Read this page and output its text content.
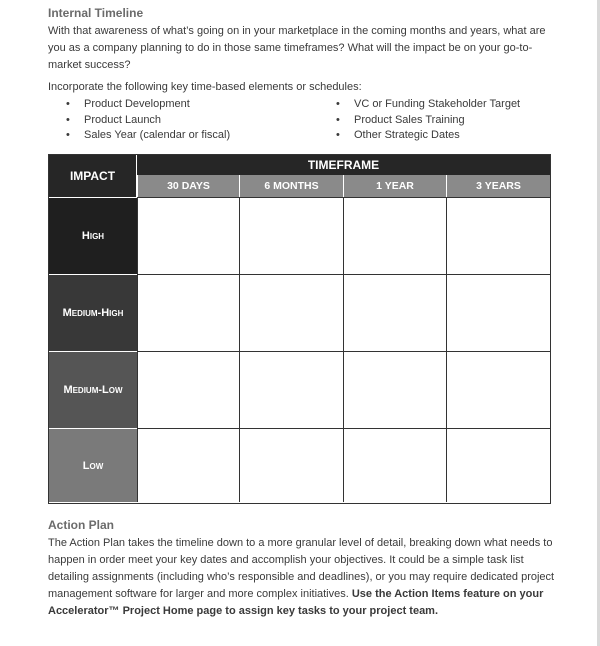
Internal Timeline
With that awareness of what’s going on in your marketplace in the coming months and years, what are you as a company planning to do in those same timeframes? What will the impact be on your go-to-market success?
Incorporate the following key time-based elements or schedules:
• Product Development
• Product Launch
• Sales Year (calendar or fiscal)
• VC or Funding Stakeholder Target
• Product Sales Training
• Other Strategic Dates
IMPACT
TIMEFRAME
30 DAYS	6 MONTHS	1 YEAR	3 YEARS
High
Medium-High
Medium-Low
Low
Action Plan
The Action Plan takes the timeline down to a more granular level of detail, breaking down what needs to happen in order meet your key dates and accomplish your objectives. It could be a simple task list detailing assignments (including who’s responsible and deadlines), or you may require dedicated project management software for larger and more complex initiatives. Use the Action Items feature on your Accelerator™ Project Home page to assign key tasks to your project team.
